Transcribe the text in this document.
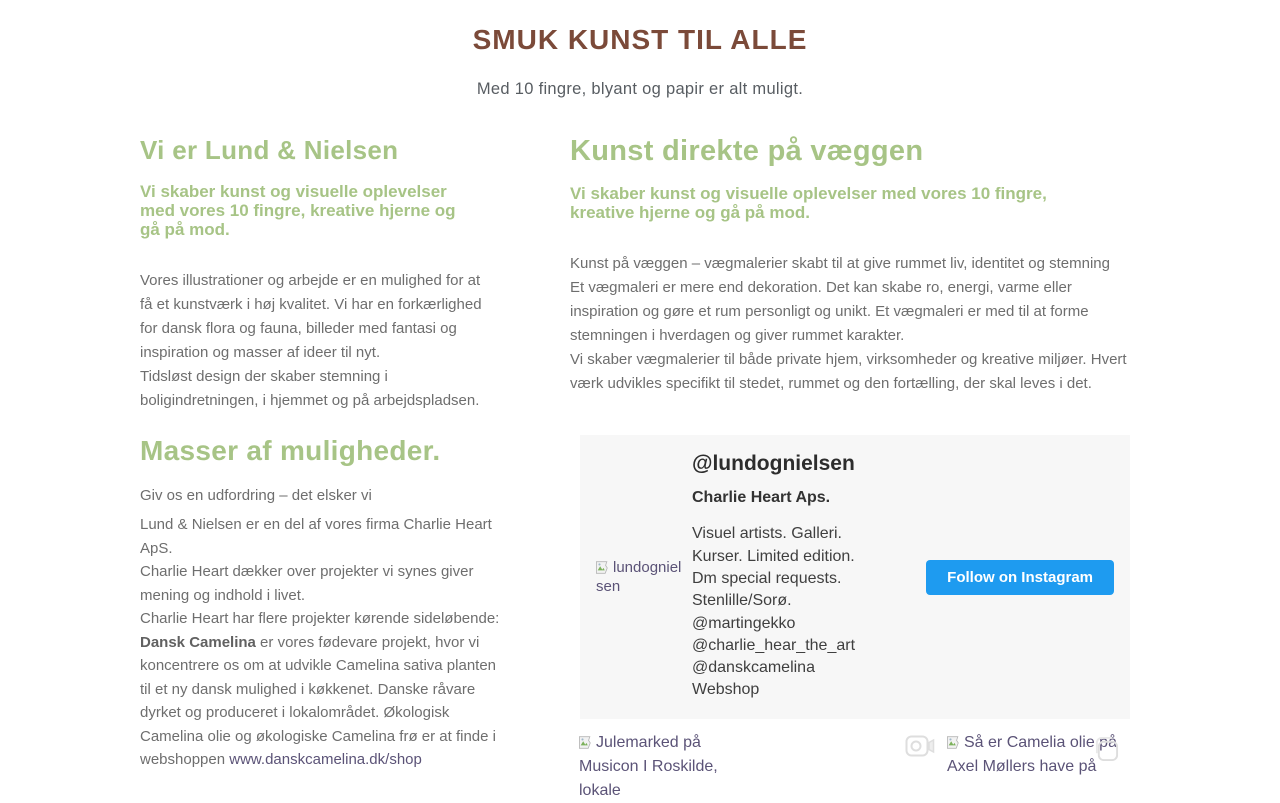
SMUK KUNST TIL ALLE

Med 10 fingre, blyant og papir er alt muligt.

Vi er Lund & Nielsen

Vi skaber kunst og visuelle oplevelser med vores 10 fingre, kreative hjerne og gå på mod.

Vores illustrationer og arbejde er en mulighed for at få et kunstværk i høj kvalitet. Vi har en forkærlighed for dansk flora og fauna, billeder med fantasi og inspiration og masser af ideer til nyt.

Tidsløst design der skaber stemning i boligindretningen, i hjemmet og på arbejdspladsen.

Kunst direkte på væggen

Vi skaber kunst og visuelle oplevelser med vores 10 fingre, kreative hjerne og gå på mod.

Kunst på væggen – vægmalerier skabt til at give rummet liv, identitet og stemning

Et vægmaleri er mere end dekoration. Det kan skabe ro, energi, varme eller inspiration og gøre et rum personligt og unikt. Et vægmaleri er med til at forme stemningen i hverdagen og giver rummet karakter.

Vi skaber vægmalerier til både private hjem, virksomheder og kreative miljøer. Hvert værk udvikles specifikt til stedet, rummet og den fortælling, der skal leves i det.

Masser af muligheder.

Giv os en udfordring – det elsker vi

Lund & Nielsen er en del af vores firma Charlie Heart ApS.

Charlie Heart dækker over projekter vi synes giver mening og indhold i livet.

Charlie Heart har flere projekter kørende sideløbende:

Dansk Camelina er vores fødevare projekt, hvor vi koncentrere os om at udvikle Camelina sativa planten til et ny dansk mulighed i køkkenet. Danske råvare dyrket og produceret i lokalområdet. Økologisk Camelina olie og økologiske Camelina frø er at finde i webshoppen www.danskcamelina.dk/shop

lundognielsen
@lundognielsen
Charlie Heart Aps.
Visuel artists. Galleri.
Kurser. Limited edition.
Dm special requests.
Stenlille/Sorø.
@martingekko
@charlie_hear_the_art
@danskcamelina
Webshop
Follow on Instagram
Julemarked på Musicon I Roskilde, lokale
Så er Camelia olie på Axel Møllers have på
